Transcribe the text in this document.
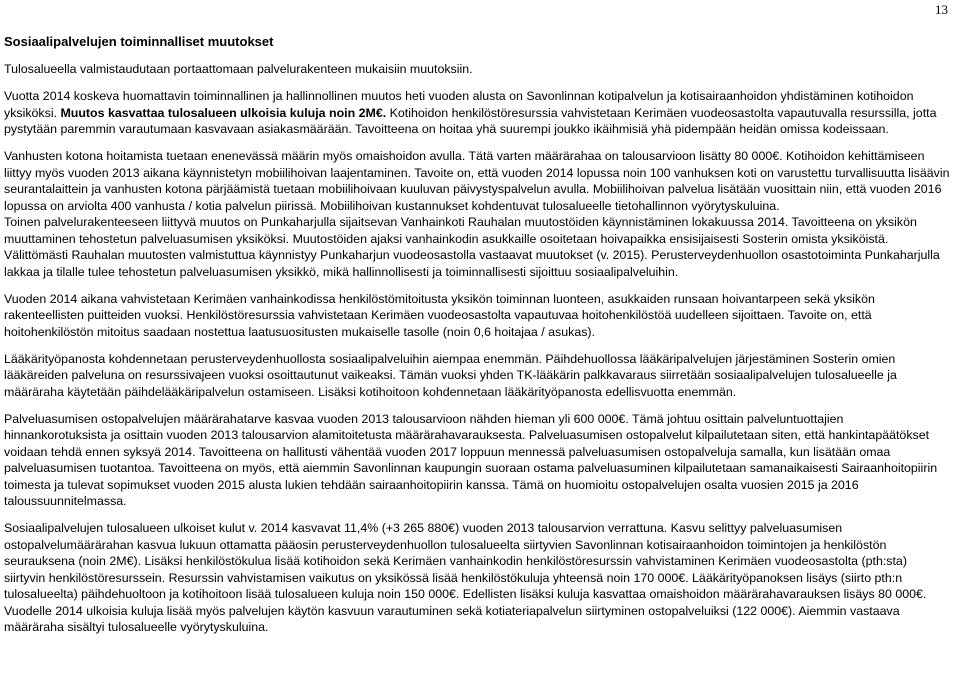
13

Sosiaalipalvelujen toiminnalliset muutokset

Tulosalueella valmistaudutaan portaattomaan palvelurakenteen mukaisiin muutoksiin.

Vuotta 2014 koskeva huomattavin toiminnallinen ja hallinnollinen muutos heti vuoden alusta on Savonlinnan kotipalvelun ja kotisairaanhoidon yhdistäminen kotihoidon yksiköksi. Muutos kasvattaa tulosalueen ulkoisia kuluja noin 2M€. Kotihoidon henkilöstöresurssia vahvistetaan Kerimäen vuodeosastolta vapautuvalla resurssilla, jotta pystytään paremmin varautumaan kasvavaan asiakasmäärään. Tavoitteena on hoitaa yhä suurempi joukko ikäihmisiä yhä pidempään heidän omissa kodeissaan.

Vanhusten kotona hoitamista tuetaan enenevässä määrin myös omaishoidon avulla. Tätä varten määrärahaa on talousarvioon lisätty 80 000€. Kotihoidon kehittämiseen liittyy myös vuoden 2013 aikana käynnistetyn mobiilihoivan laajentaminen. Tavoite on, että vuoden 2014 lopussa noin 100 vanhuksen koti on varustettu turvallisuutta lisäävin seurantalaittein ja vanhusten kotona pärjäämistä tuetaan mobiilihoivaan kuuluvan päivystyspalvelun avulla. Mobiilihoivan palvelua lisätään vuosittain niin, että vuoden 2016 lopussa on arviolta 400 vanhusta / kotia palvelun piirissä. Mobiilihoivan kustannukset kohdentuvat tulosalueelle tietohallinnon vyörytyskuluina.

Toinen palvelurakenteeseen liittyvä muutos on Punkaharjulla sijaitsevan Vanhainkoti Rauhalan muutostöiden käynnistäminen lokakuussa 2014. Tavoitteena on yksikön muuttaminen tehostetun palveluasumisen yksiköksi. Muutostöiden ajaksi vanhainkodin asukkaille osoitetaan hoivapaikka ensisijaisesti Sosterin omista yksiköistä. Välittömästi Rauhalan muutosten valmistuttua käynnistyy Punkaharjun vuodeosastolla vastaavat muutokset (v. 2015). Perusterveydenhuollon osastotoiminta Punkaharjulla lakkaa ja tilalle tulee tehostetun palveluasumisen yksikkö, mikä hallinnollisesti ja toiminnallisesti sijoittuu sosiaalipalveluihin.

Vuoden 2014 aikana vahvistetaan Kerimäen vanhainkodissa henkilöstömitoitusta yksikön toiminnan luonteen, asukkaiden runsaan hoivantarpeen sekä yksikön rakenteellisten puitteiden vuoksi. Henkilöstöresurssia vahvistetaan Kerimäen vuodeosastolta vapautuvaa hoitohenkilöstöä uudelleen sijoittaen. Tavoite on, että hoitohenkilöstön mitoitus saadaan nostettua laatusuositusten mukaiselle tasolle (noin 0,6 hoitajaa / asukas).

Lääkärityöpanosta kohdennetaan perusterveydenhuollosta sosiaalipalveluihin aiempaa enemmän. Päihdehuollossa lääkäripalvelujen järjestäminen Sosterin omien lääkäreiden palveluna on resurssivajeen vuoksi osoittautunut vaikeaksi. Tämän vuoksi yhden TK-lääkärin palkkavaraus siirretään sosiaalipalvelujen tulosalueelle ja määräraha käytetään päihdelääkäripalvelun ostamiseen. Lisäksi kotihoitoon kohdennetaan lääkärityöpanosta edellisvuotta enemmän.

Palveluasumisen ostopalvelujen määrärahatarve kasvaa vuoden 2013 talousarvioon nähden hieman yli 600 000€. Tämä johtuu osittain palveluntuottajien hinnankorotuksista ja osittain vuoden 2013 talousarvion alamitoitetusta määrärahavarauksesta. Palveluasumisen ostopalvelut kilpailutetaan siten, että hankintapäätökset voidaan tehdä ennen syksyä 2014. Tavoitteena on hallitusti vähentää vuoden 2017 loppuun mennessä palveluasumisen ostopalveluja samalla, kun lisätään omaa palveluasumisen tuotantoa. Tavoitteena on myös, että aiemmin Savonlinnan kaupungin suoraan ostama palveluasuminen kilpailutetaan samanaikaisesti Sairaanhoitopiirin toimesta ja tulevat sopimukset vuoden 2015 alusta lukien tehdään sairaanhoitopiirin kanssa. Tämä on huomioitu ostopalvelujen osalta vuosien 2015 ja 2016 taloussuunnitelmassa.

Sosiaalipalvelujen tulosalueen ulkoiset kulut v. 2014 kasvavat 11,4% (+3 265 880€) vuoden 2013 talousarvion verrattuna. Kasvu selittyy palveluasumisen ostopalvelumäärärahan kasvua lukuun ottamatta pääosin perusterveydenhuollon tulosalueelta siirtyvien Savonlinnan kotisairaanhoidon toimintojen ja henkilöstön seurauksena (noin 2M€). Lisäksi henkilöstökulua lisää kotihoidon sekä Kerimäen vanhainkodin henkilöstöresurssin vahvistaminen Kerimäen vuodeosastolta (pth:sta) siirtyvin henkilöstöresurssein. Resurssin vahvistamisen vaikutus on yksikössä lisää henkilöstökuluja yhteensä noin 170 000€. Lääkärityöpanoksen lisäys (siirto pth:n tulosalueelta) päihdehuoltoon ja kotihoitoon lisää tulosalueen kuluja noin 150 000€. Edellisten lisäksi kuluja kasvattaa omaishoidon määrärahavarauksen lisäys 80 000€. Vuodelle 2014 ulkoisia kuluja lisää myös palvelujen käytön kasvuun varautuminen sekä kotiateriapalvelun siirtyminen ostopalveluiksi (122 000€). Aiemmin vastaava määräraha sisältyi tulosalueelle vyörytyskuluina.
